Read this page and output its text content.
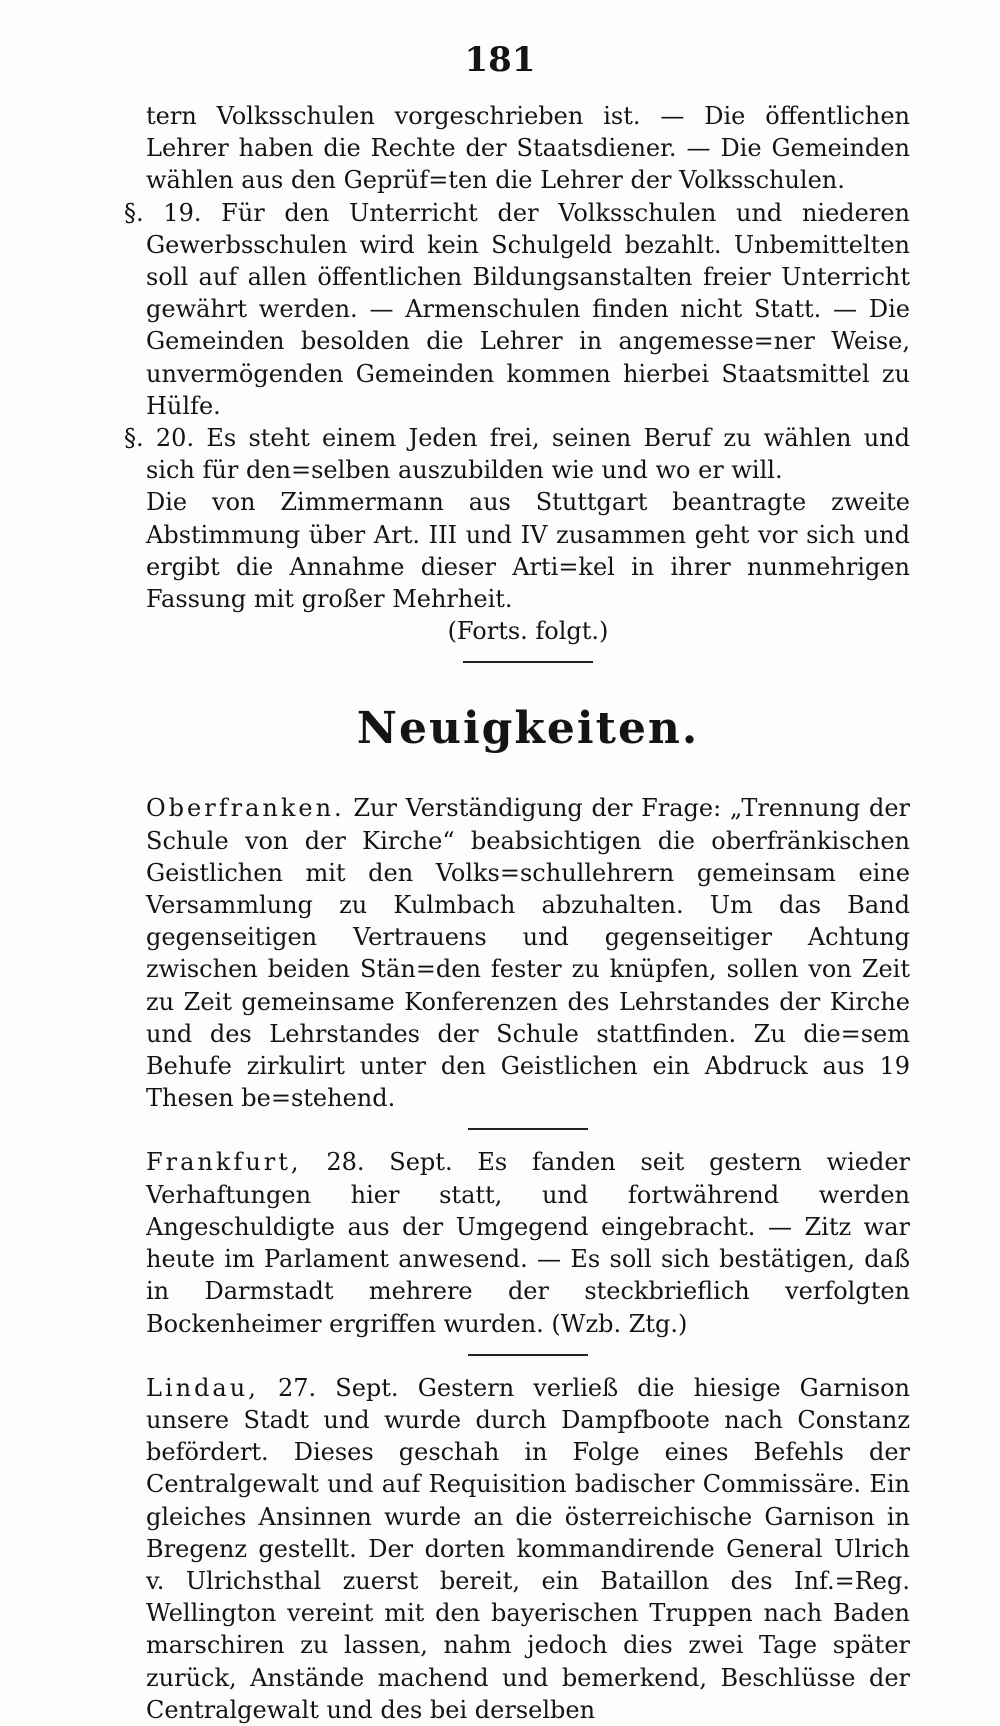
181

tern Volksschulen vorgeschrieben ist. — Die öffentlichen Lehrer haben die Rechte der Staatsdiener. — Die Gemeinden wählen aus den Geprüf=ten die Lehrer der Volksschulen.

§. 19. Für den Unterricht der Volksschulen und niederen Gewerbsschulen wird kein Schulgeld bezahlt. Unbemittelten soll auf allen öffentlichen Bildungsanstalten freier Unterricht gewährt werden. — Armenschulen finden nicht Statt. — Die Gemeinden besolden die Lehrer in angemesse=ner Weise, unvermögenden Gemeinden kommen hierbei Staatsmittel zu Hülfe.

§. 20. Es steht einem Jeden frei, seinen Beruf zu wählen und sich für den=selben auszubilden wie und wo er will.

Die von Zimmermann aus Stuttgart beantragte zweite Abstimmung über Art. III und IV zusammen geht vor sich und ergibt die Annahme dieser Arti=kel in ihrer nunmehrigen Fassung mit großer Mehrheit.

(Forts. folgt.)

Neuigkeiten.

Oberfranken. Zur Verständigung der Frage: „Trennung der Schule von der Kirche“ beabsichtigen die oberfränkischen Geistlichen mit den Volks=schullehrern gemeinsam eine Versammlung zu Kulmbach abzuhalten. Um das Band gegenseitigen Vertrauens und gegenseitiger Achtung zwischen beiden Stän=den fester zu knüpfen, sollen von Zeit zu Zeit gemeinsame Konferenzen des Lehrstandes der Kirche und des Lehrstandes der Schule stattfinden. Zu die=sem Behufe zirkulirt unter den Geistlichen ein Abdruck aus 19 Thesen be=stehend.

Frankfurt, 28. Sept. Es fanden seit gestern wieder Verhaftungen hier statt, und fortwährend werden Angeschuldigte aus der Umgegend eingebracht. — Zitz war heute im Parlament anwesend. — Es soll sich bestätigen, daß in Darmstadt mehrere der steckbrieflich verfolgten Bockenheimer ergriffen wurden. (Wzb. Ztg.)

Lindau, 27. Sept. Gestern verließ die hiesige Garnison unsere Stadt und wurde durch Dampfboote nach Constanz befördert. Dieses geschah in Folge eines Befehls der Centralgewalt und auf Requisition badischer Commissäre. Ein gleiches Ansinnen wurde an die österreichische Garnison in Bregenz gestellt. Der dorten kommandirende General Ulrich v. Ulrichsthal zuerst bereit, ein Bataillon des Inf.=Reg. Wellington vereint mit den bayerischen Truppen nach Baden marschiren zu lassen, nahm jedoch dies zwei Tage später zurück, Anstände machend und bemerkend, Beschlüsse der Centralgewalt und des bei derselben
